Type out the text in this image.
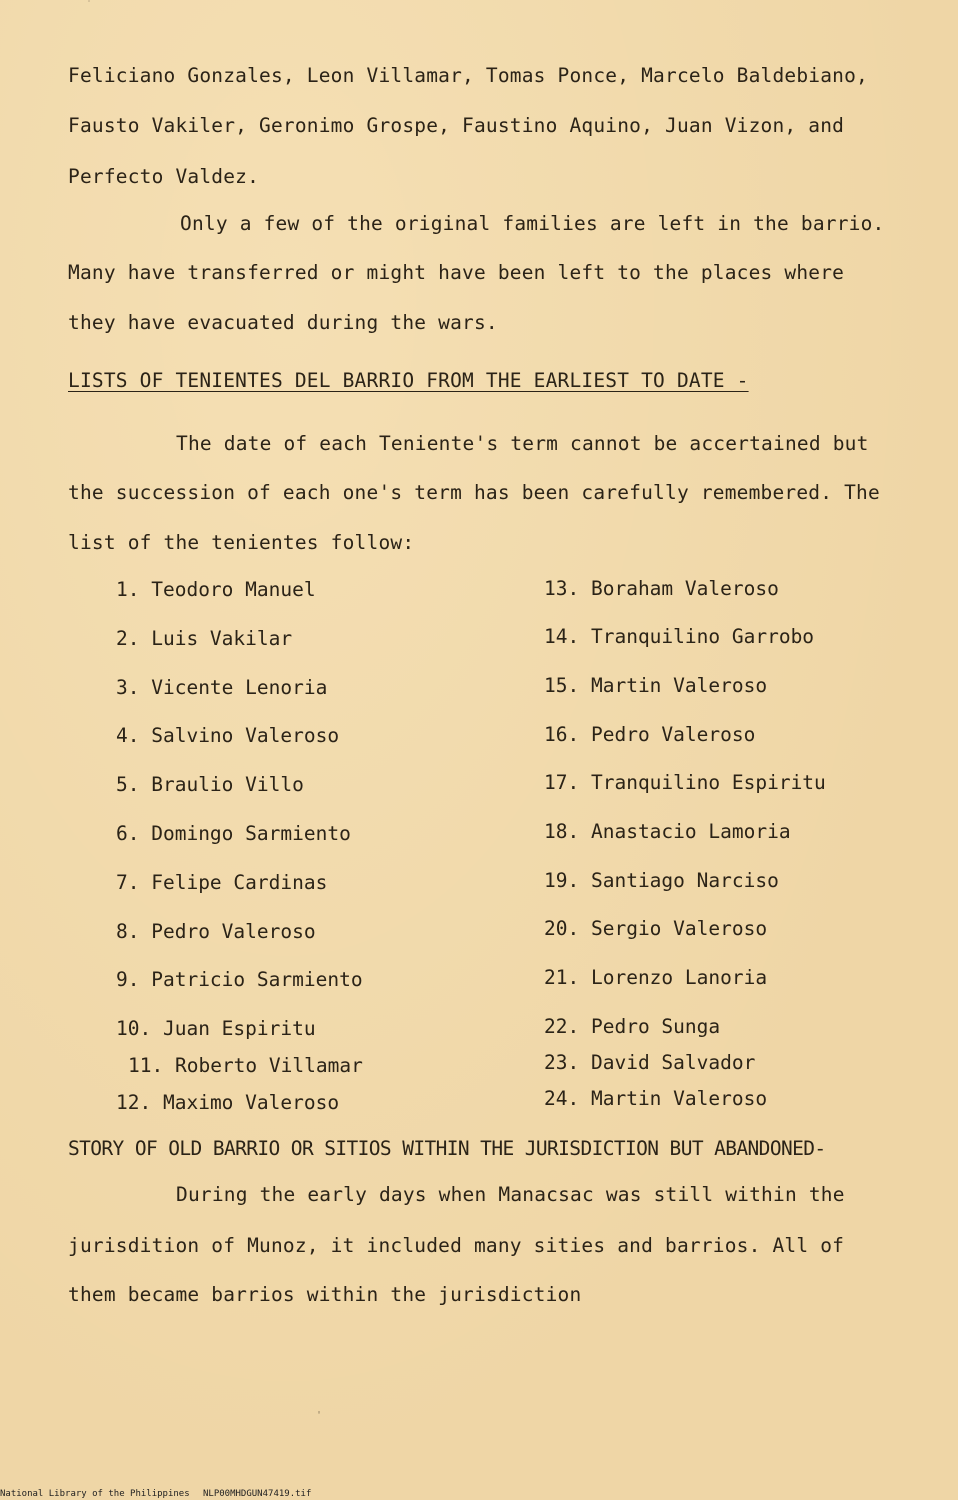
˙
Feliciano Gonzales, Leon Villamar, Tomas Ponce, Marcelo Baldebiano,
Fausto Vakiler, Geronimo Grospe, Faustino Aquino, Juan Vizon, and
Perfecto Valdez.
Only a few of the original families are left in the barrio.
Many have transferred or might have been left to the places where
they have evacuated during the wars.
LISTS OF TENIENTES DEL BARRIO FROM THE EARLIEST TO DATE -
The date of each Teniente's term cannot be accertained but
the succession of each one's term has been carefully remembered. The
list of the tenientes follow:
1. Teodoro Manuel
2. Luis Vakilar
3. Vicente Lenoria
4. Salvino Valeroso
5. Braulio Villo
6. Domingo Sarmiento
7. Felipe Cardinas
8. Pedro Valeroso
9. Patricio Sarmiento
10. Juan Espiritu
11. Roberto Villamar
12. Maximo Valeroso
13. Boraham Valeroso
14. Tranquilino Garrobo
15. Martin Valeroso
16. Pedro Valeroso
17. Tranquilino Espiritu
18. Anastacio Lamoria
19. Santiago Narciso
20. Sergio Valeroso
21. Lorenzo Lanoria
22. Pedro Sunga
23. David Salvador
24. Martin Valeroso
STORY OF OLD BARRIO OR SITIOS WITHIN THE JURISDICTION BUT ABANDONED-
During the early days when Manacsac was still within the
jurisdition of Munoz, it included many sities and barrios. All of
them became barrios within the jurisdiction
'
National Library of the Philippines NLP00MHDGUN47419.tif
